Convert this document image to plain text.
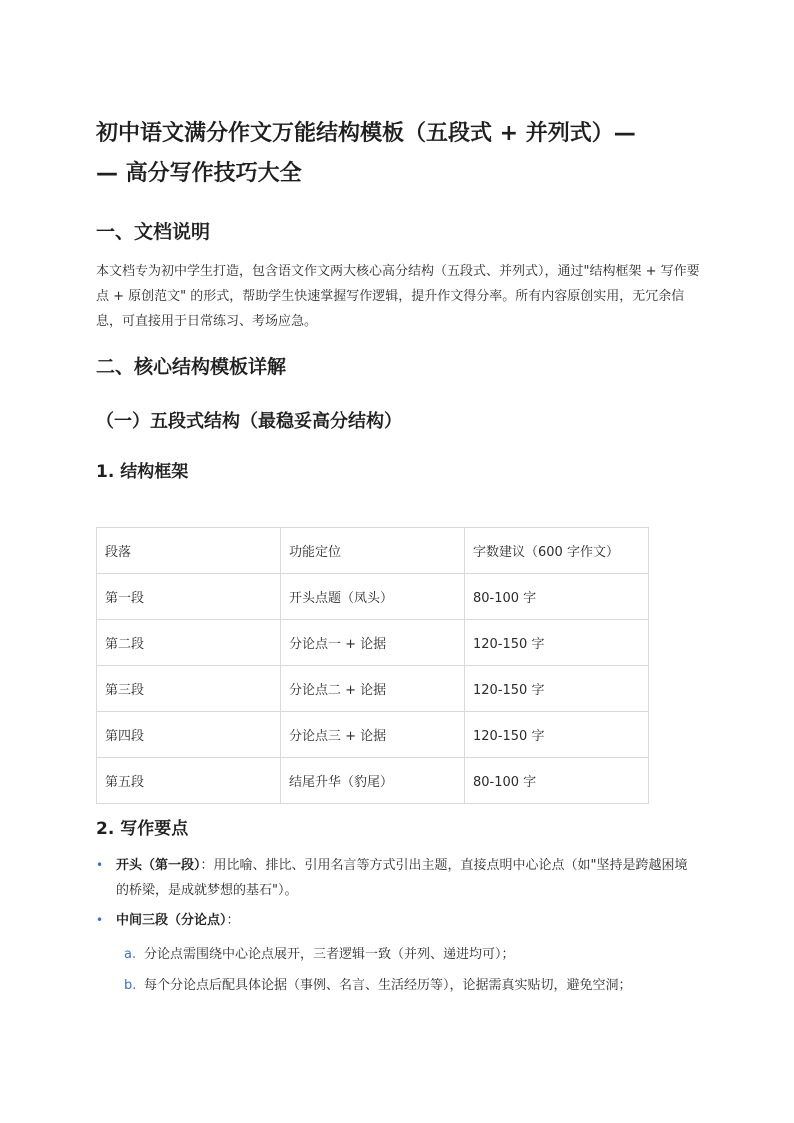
初中语文满分作文万能结构模板（五段式 + 并列式）—
— 高分写作技巧大全
一、文档说明

本文档专为初中学生打造，包含语文作文两大核心高分结构（五段式、并列式），通过"结构框架 + 写作要点 + 原创范文" 的形式，帮助学生快速掌握写作逻辑，提升作文得分率。所有内容原创实用，无冗余信息，可直接用于日常练习、考场应急。

二、核心结构模板详解
（一）五段式结构（最稳妥高分结构）
1. 结构框架
段落	功能定位	字数建议（600 字作文）
第一段	开头点题（凤头）	80-100 字
第二段	分论点一 + 论据	120-150 字
第三段	分论点二 + 论据	120-150 字
第四段	分论点三 + 论据	120-150 字
第五段	结尾升华（豹尾）	80-100 字
2. 写作要点
• 开头（第一段）：用比喻、排比、引用名言等方式引出主题，直接点明中心论点（如"坚持是跨越困境的桥梁，是成就梦想的基石"）。
• 中间三段（分论点）：
a. 分论点需围绕中心论点展开，三者逻辑一致（并列、递进均可）；
b. 每个分论点后配具体论据（事例、名言、生活经历等），论据需真实贴切，避免空洞；
